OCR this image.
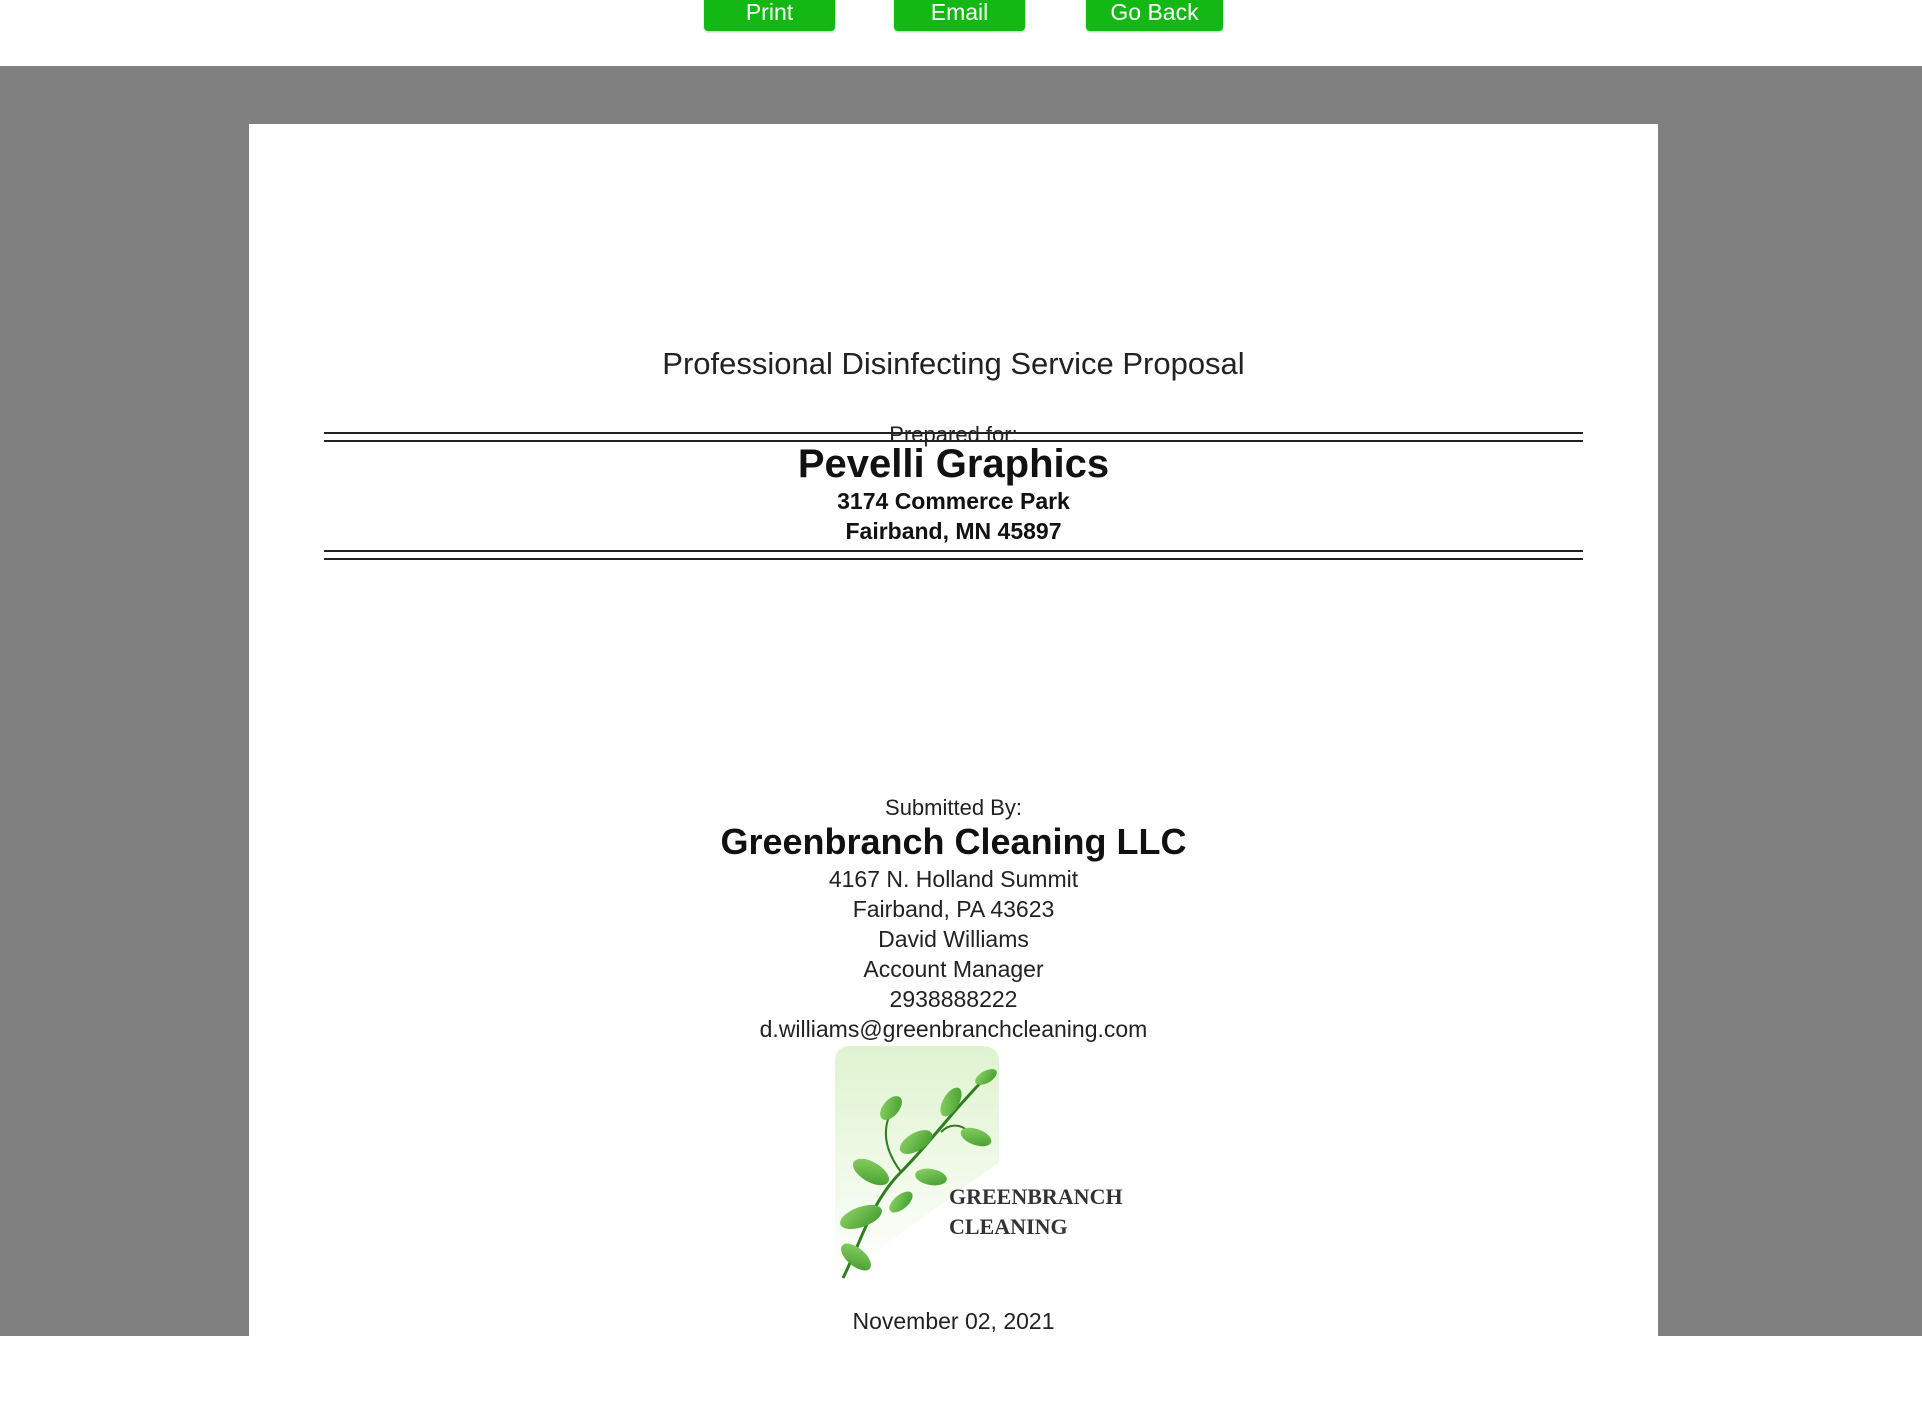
Print	Email	Go Back
Professional Disinfecting Service Proposal
Prepared for:
Pevelli Graphics
3174 Commerce Park
Fairband, MN 45897
Submitted By:
Greenbranch Cleaning LLC
4167 N. Holland Summit
Fairband, PA 43623
David Williams
Account Manager
2938888222
d.williams@greenbranchcleaning.com
GREENBRANCH
CLEANING
November 02, 2021
